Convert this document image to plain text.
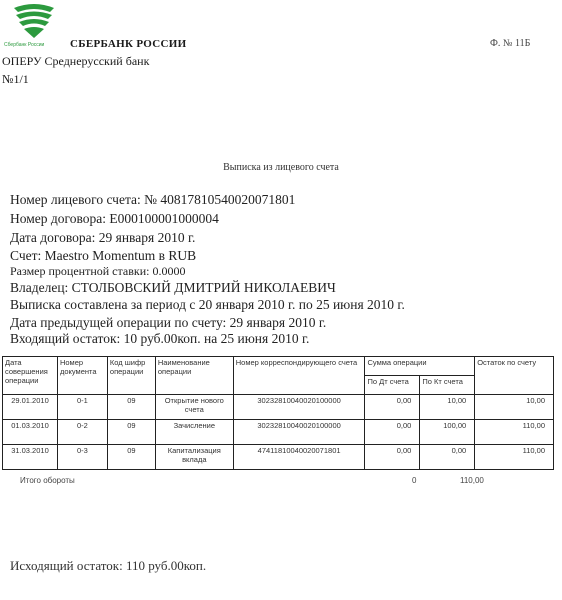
Сбербанк России СБЕРБАНК РОССИИ	Ф. № 11Б
ОПЕРУ Среднерусский банк
№1/1
Выписка из лицевого счета
Номер лицевого счета: № 40817810540020071801
Номер договора: E000100001000004
Дата договора: 29 января 2010 г.
Счет: Maestro Momentum в RUB
Размер процентной ставки: 0.0000
Владелец: СТОЛБОВСКИЙ ДМИТРИЙ НИКОЛАЕВИЧ
Выписка составлена за период с 20 января 2010 г. по 25 июня 2010 г.
Дата предыдущей операции по счету: 29 января 2010 г.
Входящий остаток: 10 руб.00коп. на 25 июня 2010 г.
Дата совершения операции	Номер документа	Код шифр операции	Наименование операции	Номер корреспондирующего счета	Сумма операции		Остаток по счету
					По Дт счета	По Кт счета	
29.01.2010	0-1	09	Открытие нового счета	30232810040020100000	0,00	10,00	10,00
01.03.2010	0-2	09	Зачисление	30232810040020100000	0,00	100,00	110,00
31.03.2010	0-3	09	Капитализация вклада	47411810040020071801	0,00	0,00	110,00
Итого обороты	0	110,00
Исходящий остаток: 110 руб.00коп.
